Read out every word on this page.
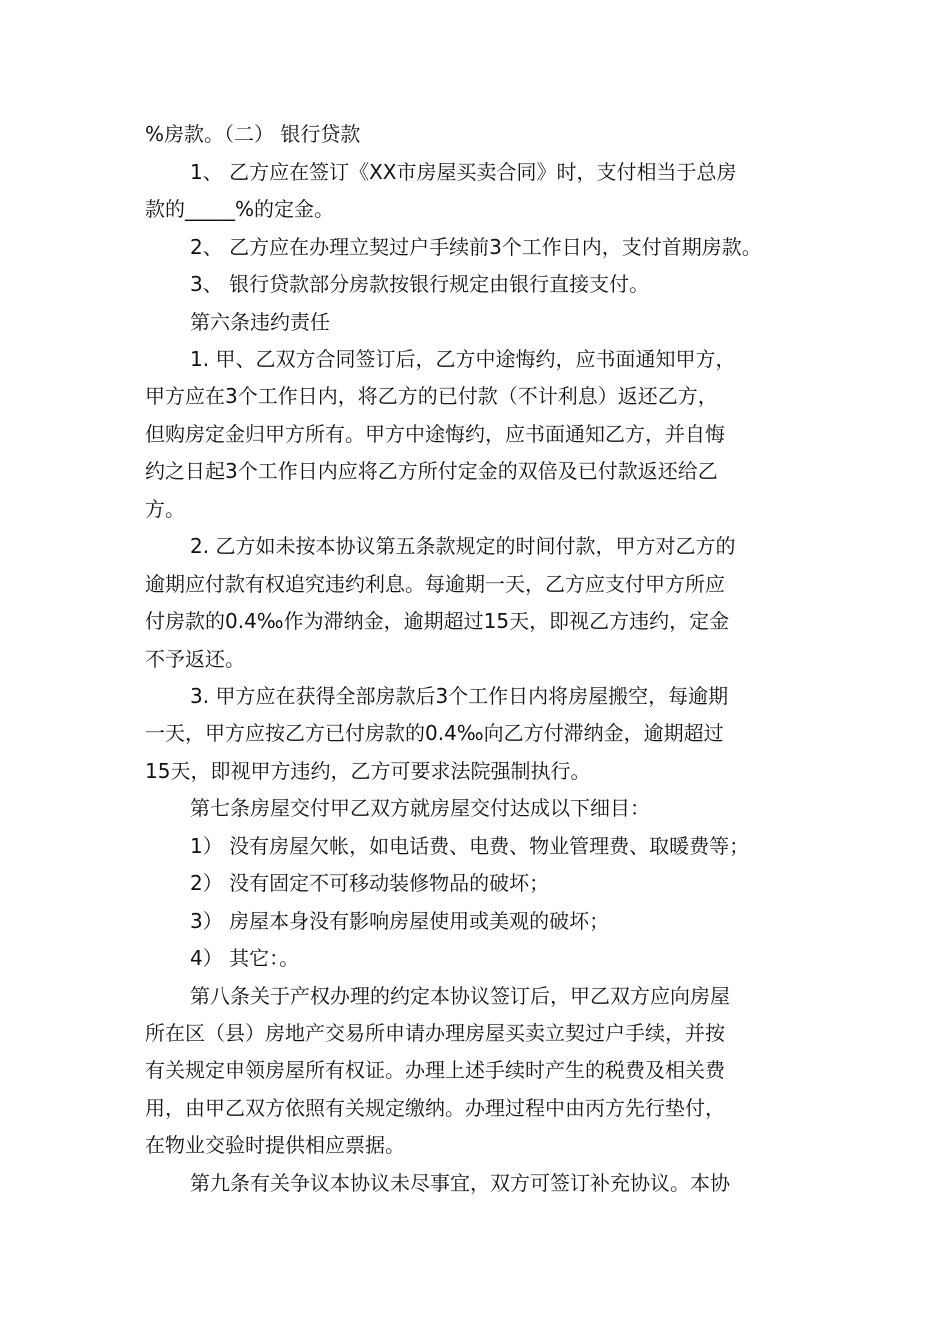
%房款。（二） 银行贷款
1、 乙方应在签订《XX市房屋买卖合同》时，支付相当于总房
款的_____%的定金。
2、 乙方应在办理立契过户手续前3个工作日内，支付首期房款。
3、 银行贷款部分房款按银行规定由银行直接支付。
第六条违约责任
1. 甲、乙双方合同签订后，乙方中途悔约，应书面通知甲方，
甲方应在3个工作日内，将乙方的已付款（不计利息）返还乙方，
但购房定金归甲方所有。甲方中途悔约，应书面通知乙方，并自悔
约之日起3个工作日内应将乙方所付定金的双倍及已付款返还给乙
方。
2. 乙方如未按本协议第五条款规定的时间付款，甲方对乙方的
逾期应付款有权追究违约利息。每逾期一天，乙方应支付甲方所应
付房款的0.4‰作为滞纳金，逾期超过15天，即视乙方违约，定金
不予返还。
3. 甲方应在获得全部房款后3个工作日内将房屋搬空，每逾期
一天，甲方应按乙方已付房款的0.4‰向乙方付滞纳金，逾期超过
15天，即视甲方违约，乙方可要求法院强制执行。
第七条房屋交付甲乙双方就房屋交付达成以下细目：
1） 没有房屋欠帐，如电话费、电费、物业管理费、取暖费等；
2） 没有固定不可移动装修物品的破坏；
3） 房屋本身没有影响房屋使用或美观的破坏；
4） 其它：。
第八条关于产权办理的约定本协议签订后，甲乙双方应向房屋
所在区（县）房地产交易所申请办理房屋买卖立契过户手续，并按
有关规定申领房屋所有权证。办理上述手续时产生的税费及相关费
用，由甲乙双方依照有关规定缴纳。办理过程中由丙方先行垫付，
在物业交验时提供相应票据。
第九条有关争议本协议未尽事宜，双方可签订补充协议。本协
